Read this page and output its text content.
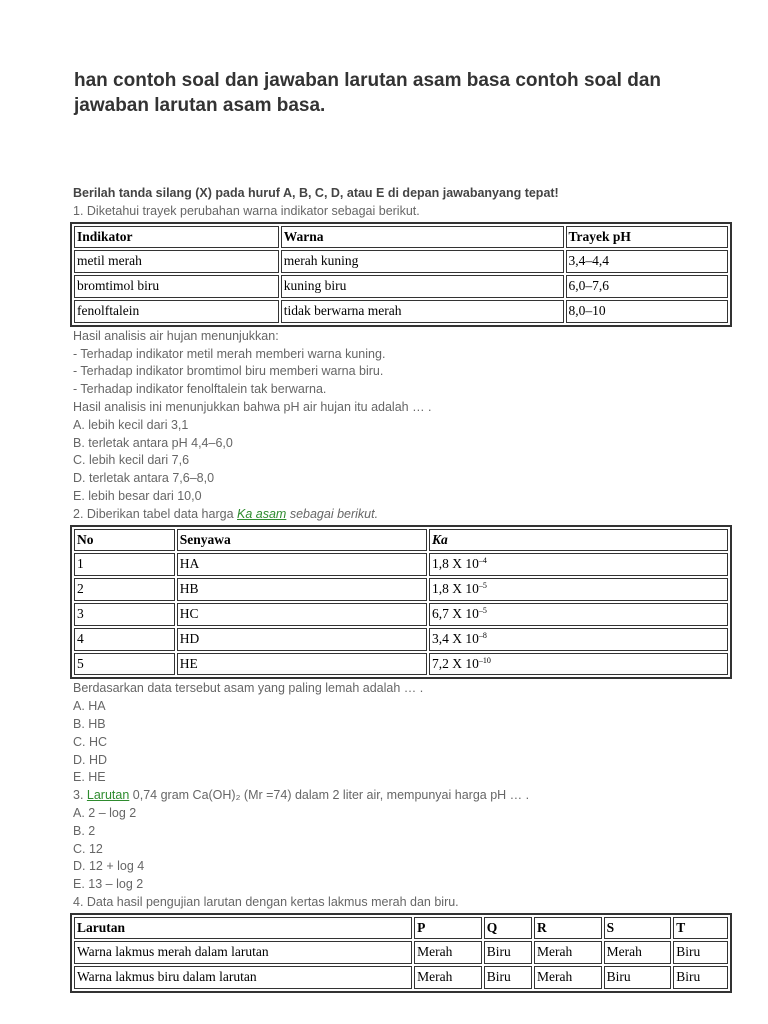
han contoh soal dan jawaban larutan asam basa contoh soal dan jawaban larutan asam basa.
Berilah tanda silang (X) pada huruf A, B, C, D, atau E di depan jawabanyang tepat!
1. Diketahui trayek perubahan warna indikator sebagai berikut.
Indikator	Warna	Trayek pH
metil merah	merah kuning	3,4–4,4
bromtimol biru	kuning biru	6,0–7,6
fenolftalein	tidak berwarna merah	8,0–10
Hasil analisis air hujan menunjukkan:
- Terhadap indikator metil merah memberi warna kuning.
- Terhadap indikator bromtimol biru memberi warna biru.
- Terhadap indikator fenolftalein tak berwarna.
Hasil analisis ini menunjukkan bahwa pH air hujan itu adalah … .
A. lebih kecil dari 3,1
B. terletak antara pH 4,4–6,0
C. lebih kecil dari 7,6
D. terletak antara 7,6–8,0
E. lebih besar dari 10,0
2. Diberikan tabel data harga Ka asam sebagai berikut.
No	Senyawa	Ka
1	HA	1,8 X $10^{-4}$
2	HB	1,8 X $10^{-5}$
3	HC	6,7 X $10^{-5}$
4	HD	3,4 X $10^{-8}$
5	HE	7,2 X $10^{-10}$
Berdasarkan data tersebut asam yang paling lemah adalah … .
A. HA
B. HB
C. HC
D. HD
E. HE
3. Larutan 0,74 gram Ca(OH)₂ (Mr =74) dalam 2 liter air, mempunyai harga pH … .
A. 2 – log 2
B. 2
C. 12
D. 12 + log 4
E. 13 – log 2
4. Data hasil pengujian larutan dengan kertas lakmus merah dan biru.
Larutan	P	Q	R	S	T
Warna lakmus merah dalam larutan	Merah	Biru	Merah	Merah	Biru
Warna lakmus biru dalam larutan	Merah	Biru	Merah	Biru	Biru
